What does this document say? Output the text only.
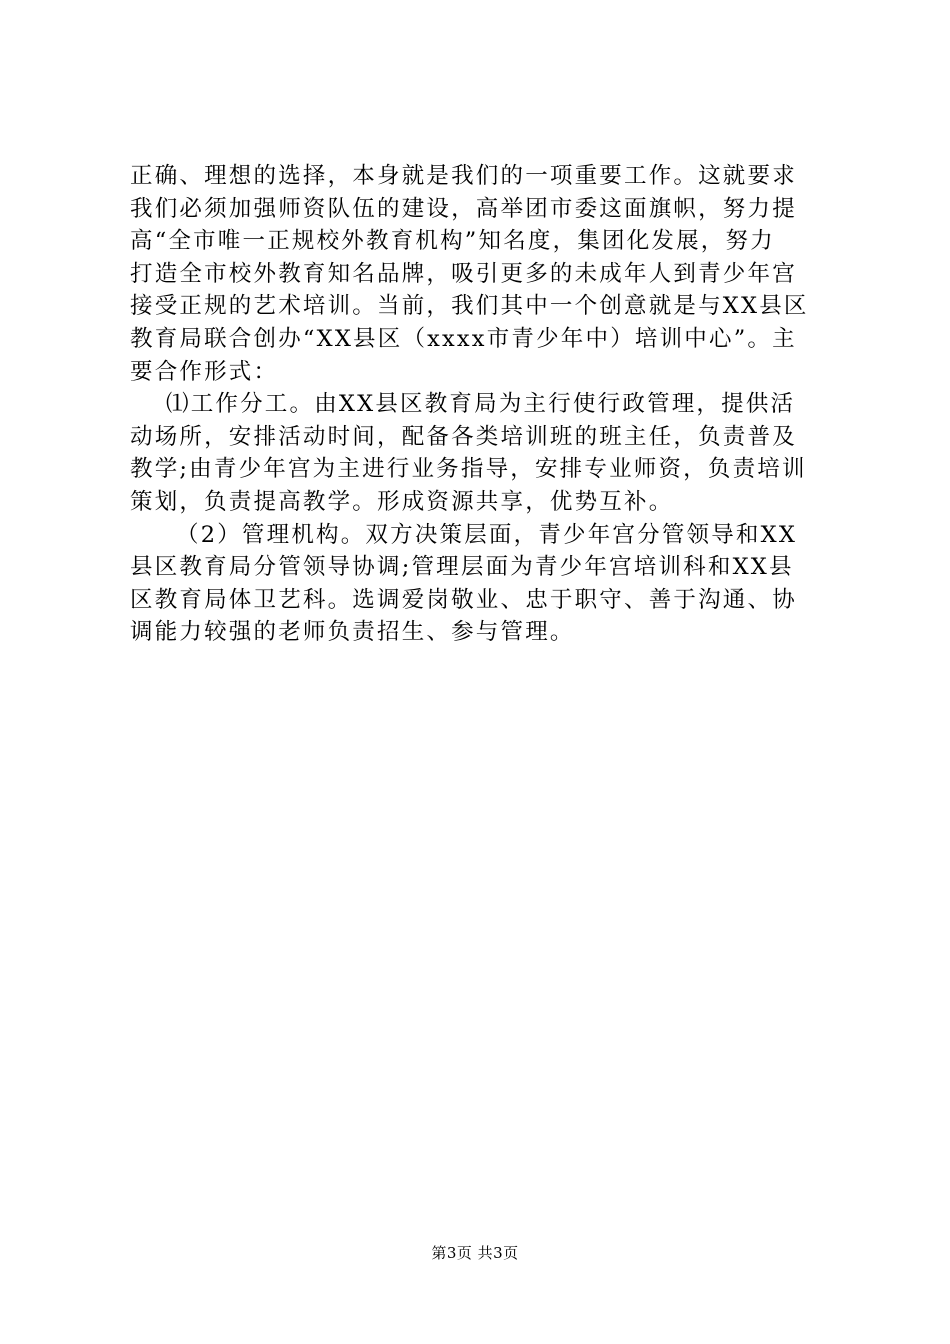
正确、理想的选择，本身就是我们的一项重要工作。这就要求
我们必须加强师资队伍的建设，高举团市委这面旗帜，努力提
高“全市唯一正规校外教育机构”知名度，集团化发展，努力
打造全市校外教育知名品牌，吸引更多的未成年人到青少年宫
接受正规的艺术培训。当前，我们其中一个创意就是与XX县区
教育局联合创办“XX县区（xxxx市青少年中）培训中心”。主
要合作形式：
⑴工作分工。由XX县区教育局为主行使行政管理，提供活
动场所，安排活动时间，配备各类培训班的班主任，负责普及
教学;由青少年宫为主进行业务指导，安排专业师资，负责培训
策划，负责提高教学。形成资源共享，优势互补。
（2）管理机构。双方决策层面，青少年宫分管领导和XX
县区教育局分管领导协调;管理层面为青少年宫培训科和XX县
区教育局体卫艺科。选调爱岗敬业、忠于职守、善于沟通、协
调能力较强的老师负责招生、参与管理。
第3页 共3页
